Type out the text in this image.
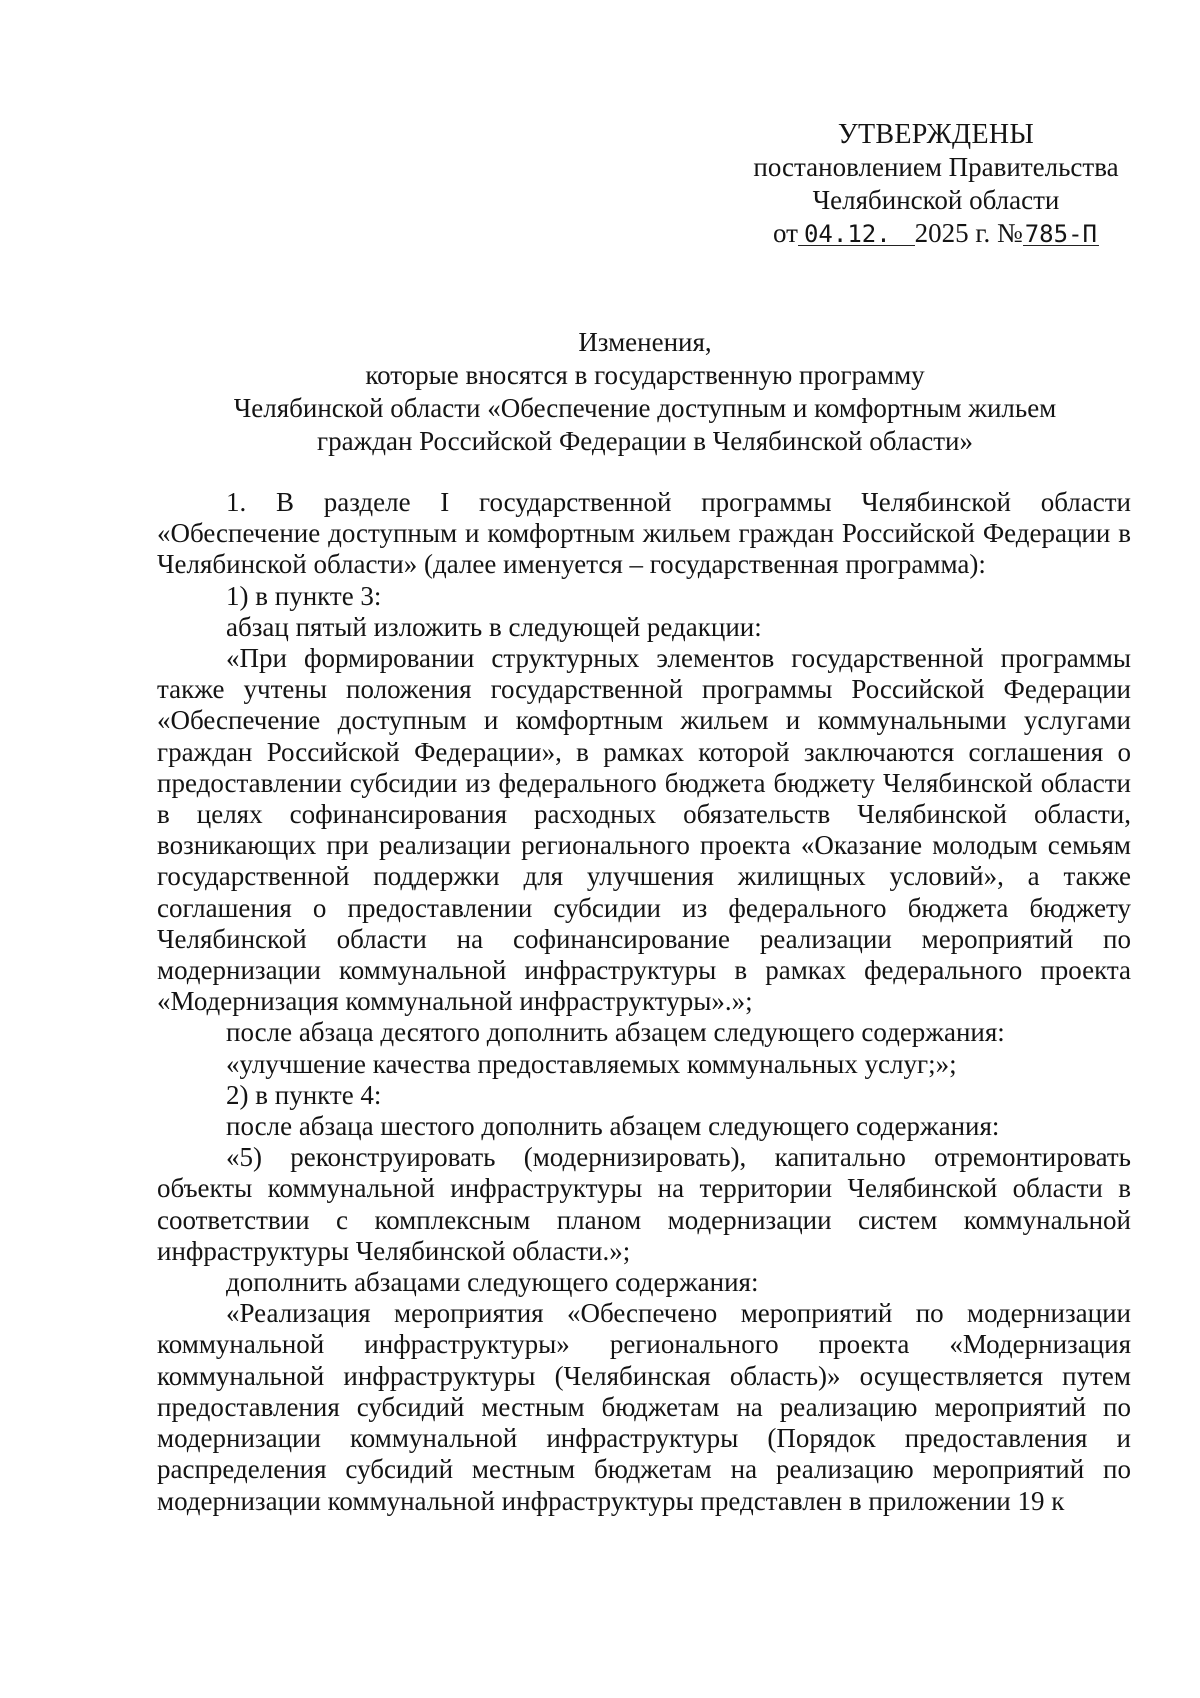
УТВЕРЖДЕНЫ
постановлением Правительства
Челябинской области
от 04.12. 2025 г. №785-П
Изменения,
которые вносятся в государственную программу
Челябинской области «Обеспечение доступным и комфортным жильем
граждан Российской Федерации в Челябинской области»

1. В разделе I государственной программы Челябинской области «Обеспечение доступным и комфортным жильем граждан Российской Федерации в Челябинской области» (далее именуется – государственная программа):

1) в пункте 3:

абзац пятый изложить в следующей редакции:

«При формировании структурных элементов государственной программы также учтены положения государственной программы Российской Федерации «Обеспечение доступным и комфортным жильем и коммунальными услугами граждан Российской Федерации», в рамках которой заключаются соглашения о предоставлении субсидии из федерального бюджета бюджету Челябинской области в целях софинансирования расходных обязательств Челябинской области, возникающих при реализации регионального проекта «Оказание молодым семьям государственной поддержки для улучшения жилищных условий», а также соглашения о предоставлении субсидии из федерального бюджета бюджету Челябинской области на софинансирование реализации мероприятий по модернизации коммунальной инфраструктуры в рамках федерального проекта «Модернизация коммунальной инфраструктуры».»;

после абзаца десятого дополнить абзацем следующего содержания:

«улучшение качества предоставляемых коммунальных услуг;»;

2) в пункте 4:

после абзаца шестого дополнить абзацем следующего содержания:

«5) реконструировать (модернизировать), капитально отремонтировать объекты коммунальной инфраструктуры на территории Челябинской области в соответствии с комплексным планом модернизации систем коммунальной инфраструктуры Челябинской области.»;

дополнить абзацами следующего содержания:

«Реализация мероприятия «Обеспечено мероприятий по модернизации коммунальной инфраструктуры» регионального проекта «Модернизация коммунальной инфраструктуры (Челябинская область)» осуществляется путем предоставления субсидий местным бюджетам на реализацию мероприятий по модернизации коммунальной инфраструктуры (Порядок предоставления и распределения субсидий местным бюджетам на реализацию мероприятий по модернизации коммунальной инфраструктуры представлен в приложении 19 к
